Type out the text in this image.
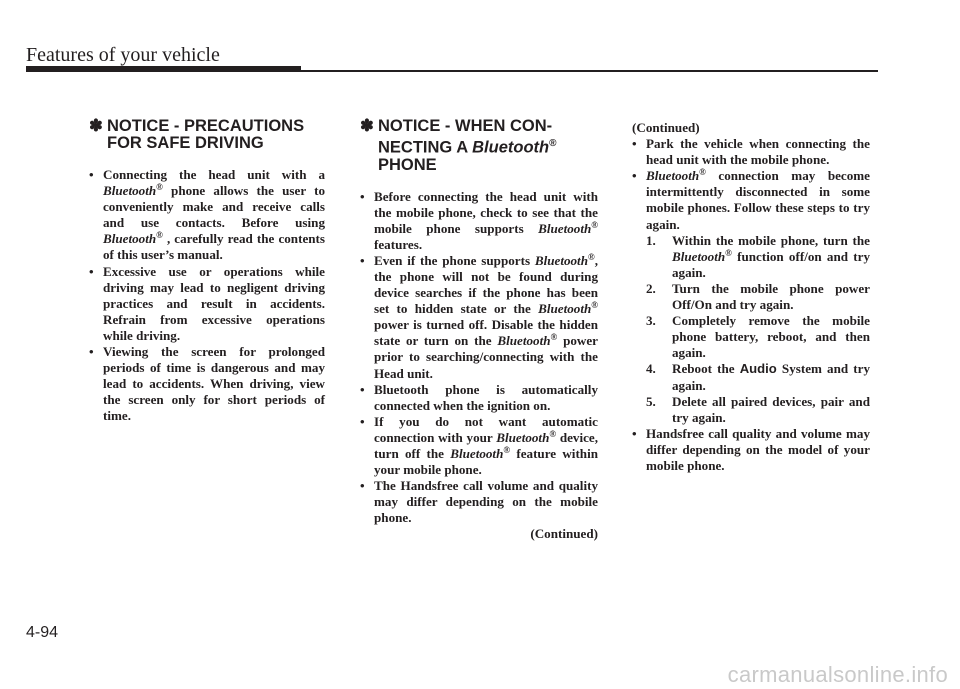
Features of your vehicle
✽ NOTICE - PRECAUTIONS
FOR SAFE DRIVING
• Connecting the head unit with a Bluetooth® phone allows the user to conveniently make and receive calls and use contacts. Before using Bluetooth® , carefully read the contents of this user’s manual.
• Excessive use or operations while driving may lead to negligent driving practices and result in accidents. Refrain from excessive operations while driving.
• Viewing the screen for prolonged periods of time is dangerous and may lead to accidents. When driving, view the screen only for short periods of time.
✽ NOTICE - WHEN CON-
NECTING A Bluetooth®
PHONE
• Before connecting the head unit with the mobile phone, check to see that the mobile phone supports Bluetooth® features.
• Even if the phone supports Bluetooth®, the phone will not be found during device searches if the phone has been set to hidden state or the Bluetooth® power is turned off. Disable the hidden state or turn on the Bluetooth® power prior to searching/connecting with the Head unit.
• Bluetooth phone is automatically connected when the ignition on.
• If you do not want automatic connection with your Bluetooth® device, turn off the Bluetooth® feature within your mobile phone.
• The Handsfree call volume and quality may differ depending on the mobile phone.
(Continued)
(Continued)
• Park the vehicle when connecting the head unit with the mobile phone.
• Bluetooth® connection may become intermittently disconnected in some mobile phones. Follow these steps to try again.
1. Within the mobile phone, turn the Bluetooth® function off/on and try again.
2. Turn the mobile phone power Off/On and try again.
3. Completely remove the mobile phone battery, reboot, and then again.
4. Reboot the Audio System and try again.
5. Delete all paired devices, pair and try again.
• Handsfree call quality and volume may differ depending on the model of your mobile phone.
4-94
carmanualsonline.info
